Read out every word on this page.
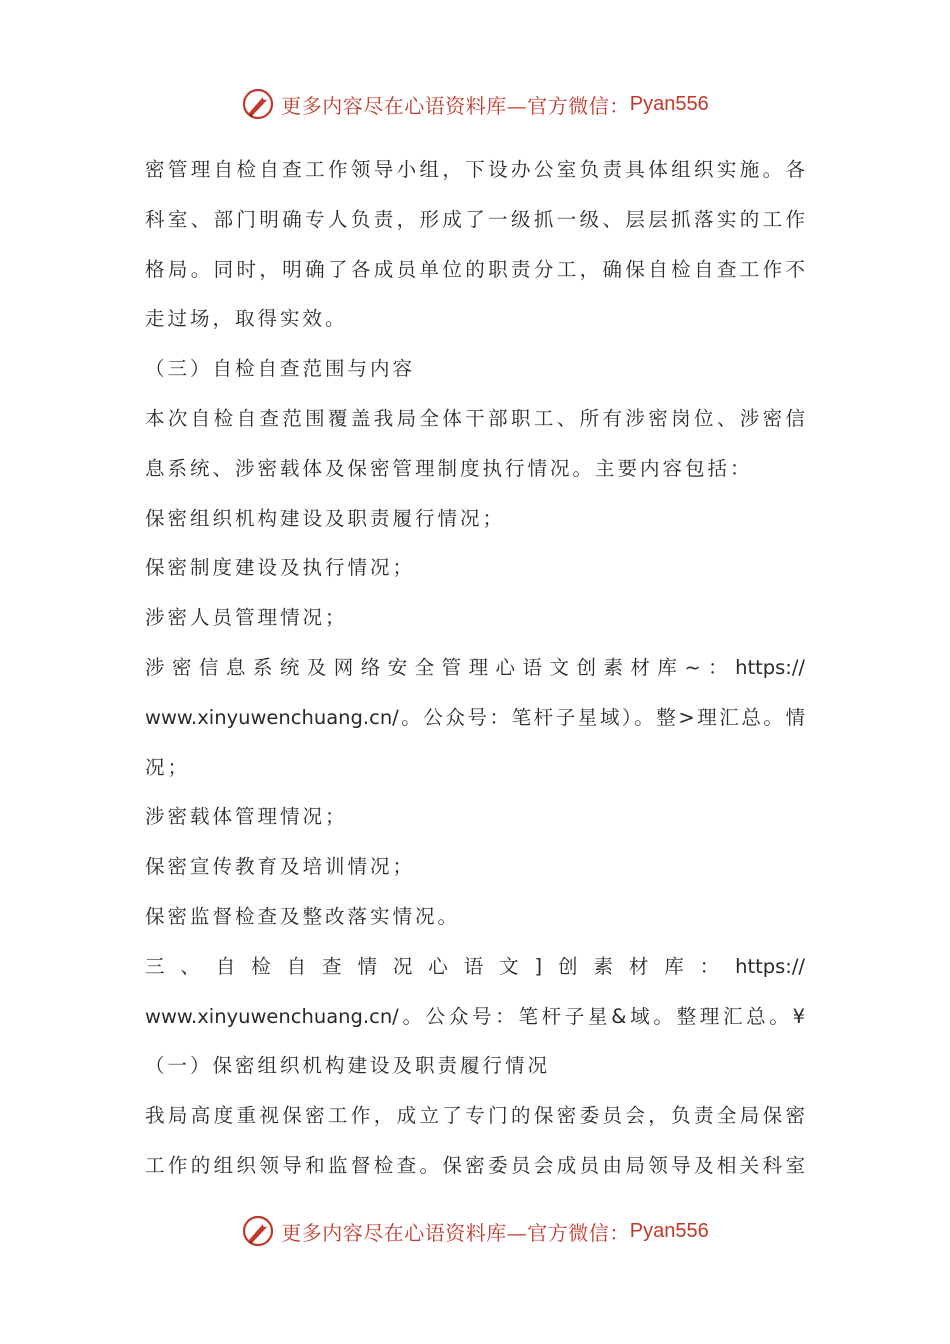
更多内容尽在心语资料库—官方微信： Pyan556
密管理自检自查工作领导小组，下设办公室负责具体组织实施。各
科室、部门明确专人负责，形成了一级抓一级、层层抓落实的工作
格局。同时，明确了各成员单位的职责分工，确保自检自查工作不
走过场，取得实效。
（三）自检自查范围与内容
本次自检自查范围覆盖我局全体干部职工、所有涉密岗位、涉密信
息系统、涉密载体及保密管理制度执行情况。主要内容包括：
保密组织机构建设及职责履行情况；
保密制度建设及执行情况；
涉密人员管理情况；
涉密信息系统及网络安全管理心语文创素材库~：https://
www.xinyuwenchuang.cn/。公众号：笔杆子星域）。整>理汇总。情
况；
涉密载体管理情况；
保密宣传教育及培训情况；
保密监督检查及整改落实情况。
三、自检自查情况心语文]创素材库：https://
www.xinyuwenchuang.cn/。公众号：笔杆子星&域。整理汇总。¥
（一）保密组织机构建设及职责履行情况
我局高度重视保密工作，成立了专门的保密委员会，负责全局保密
工作的组织领导和监督检查。保密委员会成员由局领导及相关科室
更多内容尽在心语资料库—官方微信： Pyan556
